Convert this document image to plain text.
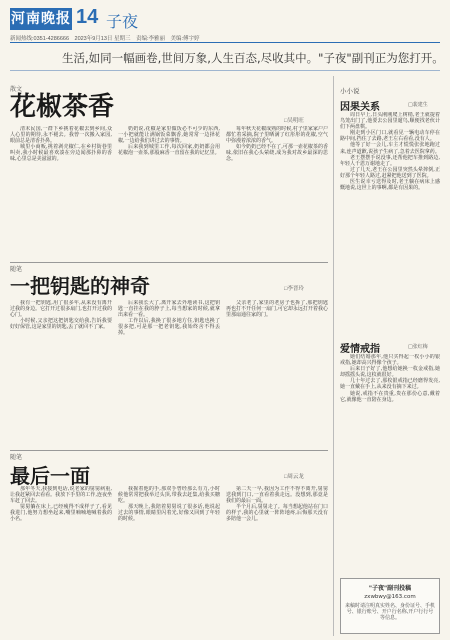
河南晚报 14 子夜
新闻热线:0351-4286666　2023年9月13日 星期三　责编:李雅丽　美编:傅宇婷
生活,如同一幅画卷,世间万象,人生百态,尽收其中。"子夜"副刊正为您打开。
散文
花椒茶香	□吴明旺

清末民国,一群下乡挑着花椒去到乡间,众人心里的期待,永不褪去。我曾一次搬入家园,眼前总是清香扑鼻。

城里小商贩,挑着剥壳椒仁,在乡村街巷里叫卖,我小时候最喜欢凑在旁边闻那扑鼻的香味,心里总是美滋滋的。

奶奶说,花椒是家里做饭必不可少的东西,一小把就能让满锅饭菜飘香,她常常一边择花椒,一边给我们讲过去的事情。

后来我到城里工作,每次回家,奶奶都会用花椒泡一壶茶,那股麻香一直留在我的记忆里。

每年秋天花椒成熟的时候,村子里家家户户都忙着采摘,院子里晒满了红彤彤的花椒,空气中弥漫着浓浓的香气。

如今奶奶已经不在了,可那一壶花椒茶的香味,依旧在我心头萦绕,成为我对故乡最深的思念。

随笔
一把钥匙的神奇	□李晋玲

我有一把钥匙,用了很多年,从来没有离开过我的身边。它打开过很多扇门,也打开过我的心门。

小时候,父亲把这把钥匙交给我,告诉我要好好保管,这是家里的钥匙,丢了就回不了家。

后来我长大了,离开家去外地读书,这把钥匙一直挂在我的脖子上,每当想家的时候,就拿出来看一看。

工作以后,我换了很多地方住,钥匙也换了很多把,可是那一把老钥匙,我始终舍不得丢掉。

父亲老了,家里的老房子也拆了,那把钥匙再也打不开任何一扇门,可它却永远打开着我心里那扇通往家的门。

随笔
最后一面	□周云龙

那年冬天,我接到电话,说老家的舅舅病重,让我赶紧回去看看。我放下手里的工作,连夜坐车赶了回去。

舅舅躺在床上,已经瘦得不成样子了,看见我进门,他努力想坐起来,嘴里喃喃地喊着我的小名。

我握着他的手,那双手曾经那么有力,小时候他常常把我举过头顶,带我去赶集,给我买糖吃。

那天晚上,我陪着舅舅说了很多话,他说起过去的事情,眼睛里闪着光,好像又回到了年轻的时候。

第二天一早,我因为工作不得不离开,舅舅送我到门口,一直看着我走远。没想到,那竟是我们的最后一面。

半个月后,舅舅走了。每当想起他站在门口的样子,我的心里就一阵阵地疼,后悔那天没有多陪他一会儿。

小小说
因果关系	□裴建生

周日早上,日头刚刚爬上树梢,老王就提着鸟笼出门了,他要去公园里遛鸟,顺便找老伙计们下两盘棋。

刚走到小区门口,就看见一辆电动车停在路中间,挡住了去路,老王左右看看,没有人。

他等了好一会儿,车主才慌慌张张地跑过来,连声道歉,说孩子生病了,急着去医院拿药。

老王摆摆手说没事,还帮他把车推到路边,年轻人千恩万谢地走了。

过了几天,老王在公园里突然头晕摔倒,正好那个年轻人路过,赶紧把他送到了医院。

医生说幸亏送得及时,老王躺在病床上感慨地说,这世上的事啊,都是有因果的。

爱情戒指	□张红梅

她们结婚那年,他只买得起一枚小小的银戒指,她却高兴得像个孩子。

后来日子好了,他想给她换一枚金戒指,她却摇摇头说,这枚就很好。

几十年过去了,那枚银戒指已经磨得发亮,她一直戴在手上,从来没有摘下来过。

她说,戒指不在贵重,贵在那份心意,戴着它,就像他一直陪在身边。

"子夜"副刊投稿
zxwbwy@163.com
来稿时请注明真实姓名、身份证号、手机号、银行账号、开户行名称,开户行行号等信息。
